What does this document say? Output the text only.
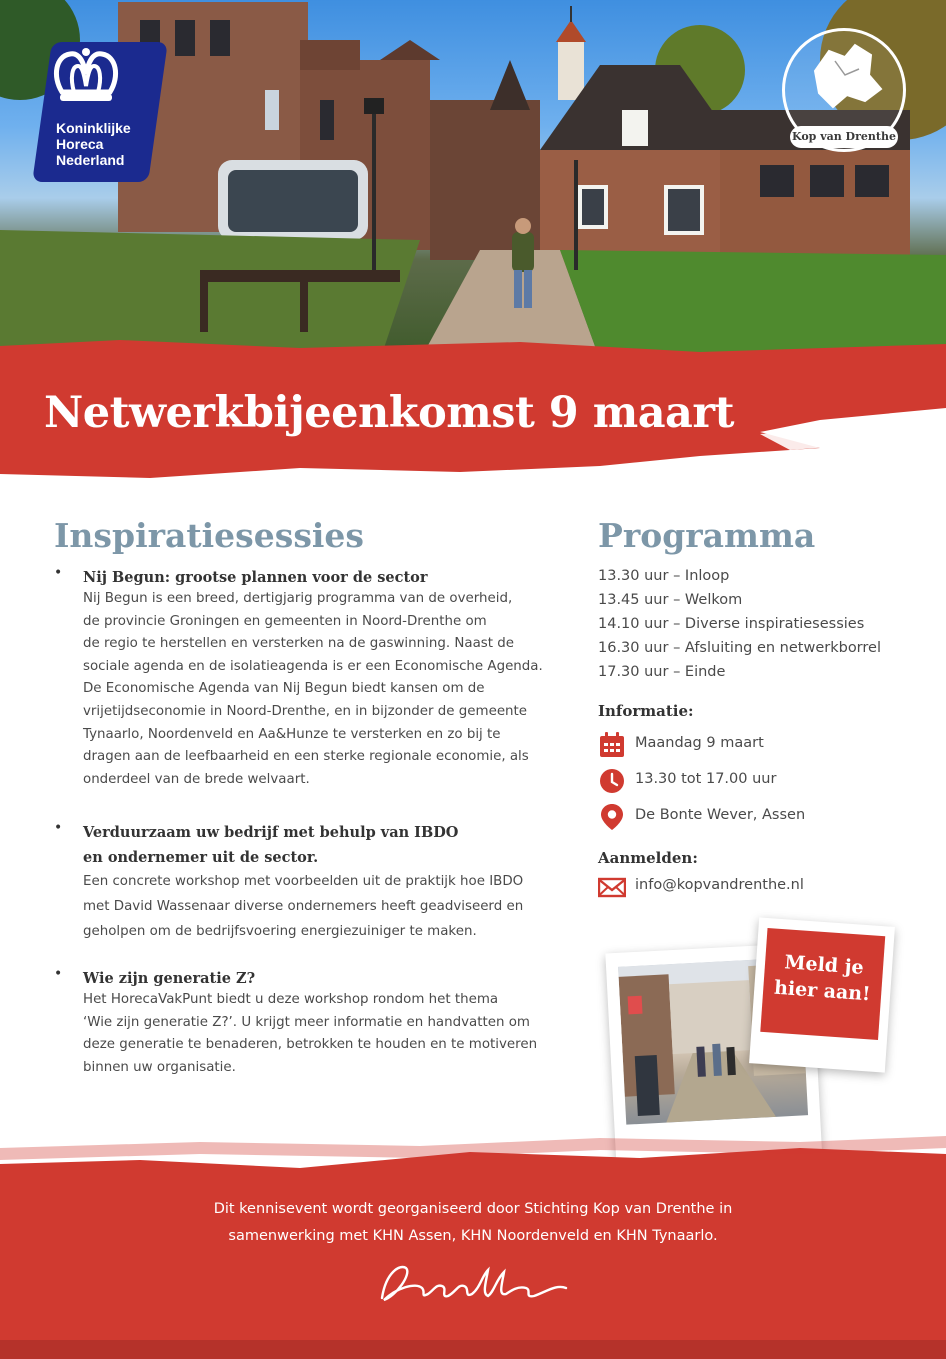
Koninklijke
Horeca
Nederland
Kop van Drenthe
Netwerkbijeenkomst 9 maart
Inspiratiesessies
• Nij Begun: grootse plannen voor de sector
Nij Begun is een breed, dertigjarig programma van de overheid,
de provincie Groningen en gemeenten in Noord-Drenthe om
de regio te herstellen en versterken na de gaswinning. Naast de
sociale agenda en de isolatieagenda is er een Economische Agenda.
De Economische Agenda van Nij Begun biedt kansen om de
vrijetijdseconomie in Noord-Drenthe, en in bijzonder de gemeente
Tynaarlo, Noordenveld en Aa&Hunze te versterken en zo bij te
dragen aan de leefbaarheid en een sterke regionale economie, als
onderdeel van de brede welvaart.
• Verduurzaam uw bedrijf met behulp van IBDO
en ondernemer uit de sector.
Een concrete workshop met voorbeelden uit de praktijk hoe IBDO
met David Wassenaar diverse ondernemers heeft geadviseerd en
geholpen om de bedrijfsvoering energiezuiniger te maken.
• Wie zijn generatie Z?
Het HorecaVakPunt biedt u deze workshop rondom het thema
‘Wie zijn generatie Z?’. U krijgt meer informatie en handvatten om
deze generatie te benaderen, betrokken te houden en te motiveren
binnen uw organisatie.
Programma
13.30 uur – Inloop
13.45 uur – Welkom
14.10 uur – Diverse inspiratiesessies
16.30 uur – Afsluiting en netwerkborrel
17.30 uur – Einde
Informatie:
Maandag 9 maart
13.30 tot 17.00 uur
De Bonte Wever, Assen
Aanmelden:
info@kopvandrenthe.nl
Meld je
hier aan!
Dit kennisevent wordt georganiseerd door Stichting Kop van Drenthe in
samenwerking met KHN Assen, KHN Noordenveld en KHN Tynaarlo.
